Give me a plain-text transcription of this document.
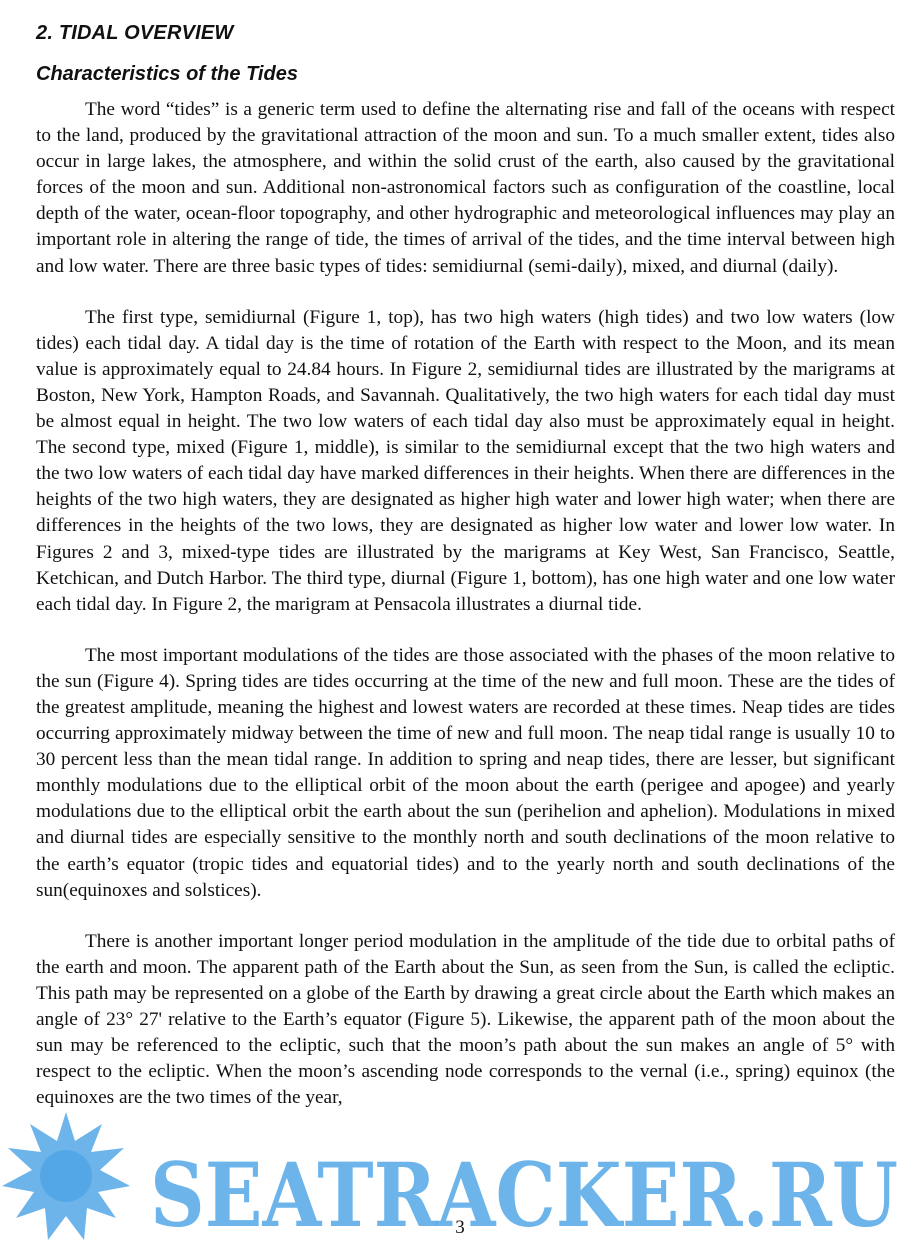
2. TIDAL OVERVIEW
Characteristics of the Tides

The word “tides” is a generic term used to define the alternating rise and fall of the oceans with respect to the land, produced by the gravitational attraction of the moon and sun. To a much smaller extent, tides also occur in large lakes, the atmosphere, and within the solid crust of the earth, also caused by the gravitational forces of the moon and sun. Additional non-astronomical factors such as configuration of the coastline, local depth of the water, ocean-floor topography, and other hydrographic and meteorological influences may play an important role in altering the range of tide, the times of arrival of the tides, and the time interval between high and low water. There are three basic types of tides: semidiurnal (semi-daily), mixed, and diurnal (daily).

The first type, semidiurnal (Figure 1, top), has two high waters (high tides) and two low waters (low tides) each tidal day. A tidal day is the time of rotation of the Earth with respect to the Moon, and its mean value is approximately equal to 24.84 hours. In Figure 2, semidiurnal tides are illustrated by the marigrams at Boston, New York, Hampton Roads, and Savannah. Qualitatively, the two high waters for each tidal day must be almost equal in height. The two low waters of each tidal day also must be approximately equal in height. The second type, mixed (Figure 1, middle), is similar to the semidiurnal except that the two high waters and the two low waters of each tidal day have marked differences in their heights. When there are differences in the heights of the two high waters, they are designated as higher high water and lower high water; when there are differences in the heights of the two lows, they are designated as higher low water and lower low water. In Figures 2 and 3, mixed-type tides are illustrated by the marigrams at Key West, San Francisco, Seattle, Ketchican, and Dutch Harbor. The third type, diurnal (Figure 1, bottom), has one high water and one low water each tidal day. In Figure 2, the marigram at Pensacola illustrates a diurnal tide.

The most important modulations of the tides are those associated with the phases of the moon relative to the sun (Figure 4). Spring tides are tides occurring at the time of the new and full moon. These are the tides of the greatest amplitude, meaning the highest and lowest waters are recorded at these times. Neap tides are tides occurring approximately midway between the time of new and full moon. The neap tidal range is usually 10 to 30 percent less than the mean tidal range. In addition to spring and neap tides, there are lesser, but significant monthly modulations due to the elliptical orbit of the moon about the earth (perigee and apogee) and yearly modulations due to the elliptical orbit the earth about the sun (perihelion and aphelion). Modulations in mixed and diurnal tides are especially sensitive to the monthly north and south declinations of the moon relative to the earth’s equator (tropic tides and equatorial tides) and to the yearly north and south declinations of the sun(equinoxes and solstices).

There is another important longer period modulation in the amplitude of the tide due to orbital paths of the earth and moon. The apparent path of the Earth about the Sun, as seen from the Sun, is called the ecliptic. This path may be represented on a globe of the Earth by drawing a great circle about the Earth which makes an angle of 23° 27' relative to the Earth’s equator (Figure 5). Likewise, the apparent path of the moon about the sun may be referenced to the ecliptic, such that the moon’s path about the sun makes an angle of 5° with respect to the ecliptic. When the moon’s ascending node corresponds to the vernal (i.e., spring) equinox (the equinoxes are the two times of the year,

3
SEATRACKER.RU
